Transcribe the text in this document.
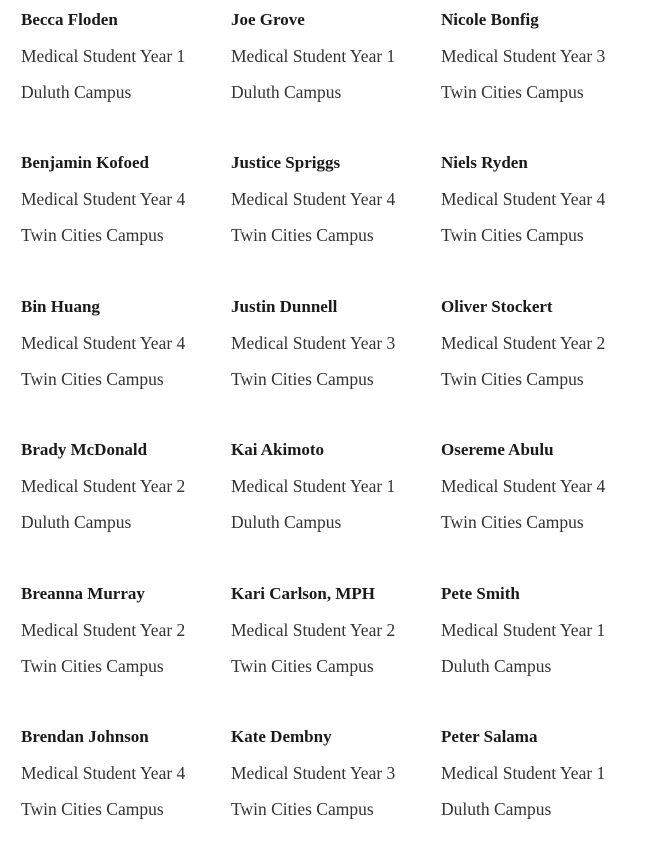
Becca Floden
Medical Student Year 1
Duluth Campus
Joe Grove
Medical Student Year 1
Duluth Campus
Nicole Bonfig
Medical Student Year 3
Twin Cities Campus
Benjamin Kofoed
Medical Student Year 4
Twin Cities Campus
Justice Spriggs
Medical Student Year 4
Twin Cities Campus
Niels Ryden
Medical Student Year 4
Twin Cities Campus
Bin Huang
Medical Student Year 4
Twin Cities Campus
Justin Dunnell
Medical Student Year 3
Twin Cities Campus
Oliver Stockert
Medical Student Year 2
Twin Cities Campus
Brady McDonald
Medical Student Year 2
Duluth Campus
Kai Akimoto
Medical Student Year 1
Duluth Campus
Osereme Abulu
Medical Student Year 4
Twin Cities Campus
Breanna Murray
Medical Student Year 2
Twin Cities Campus
Kari Carlson, MPH
Medical Student Year 2
Twin Cities Campus
Pete Smith
Medical Student Year 1
Duluth Campus
Brendan Johnson
Medical Student Year 4
Twin Cities Campus
Kate Dembny
Medical Student Year 3
Twin Cities Campus
Peter Salama
Medical Student Year 1
Duluth Campus
